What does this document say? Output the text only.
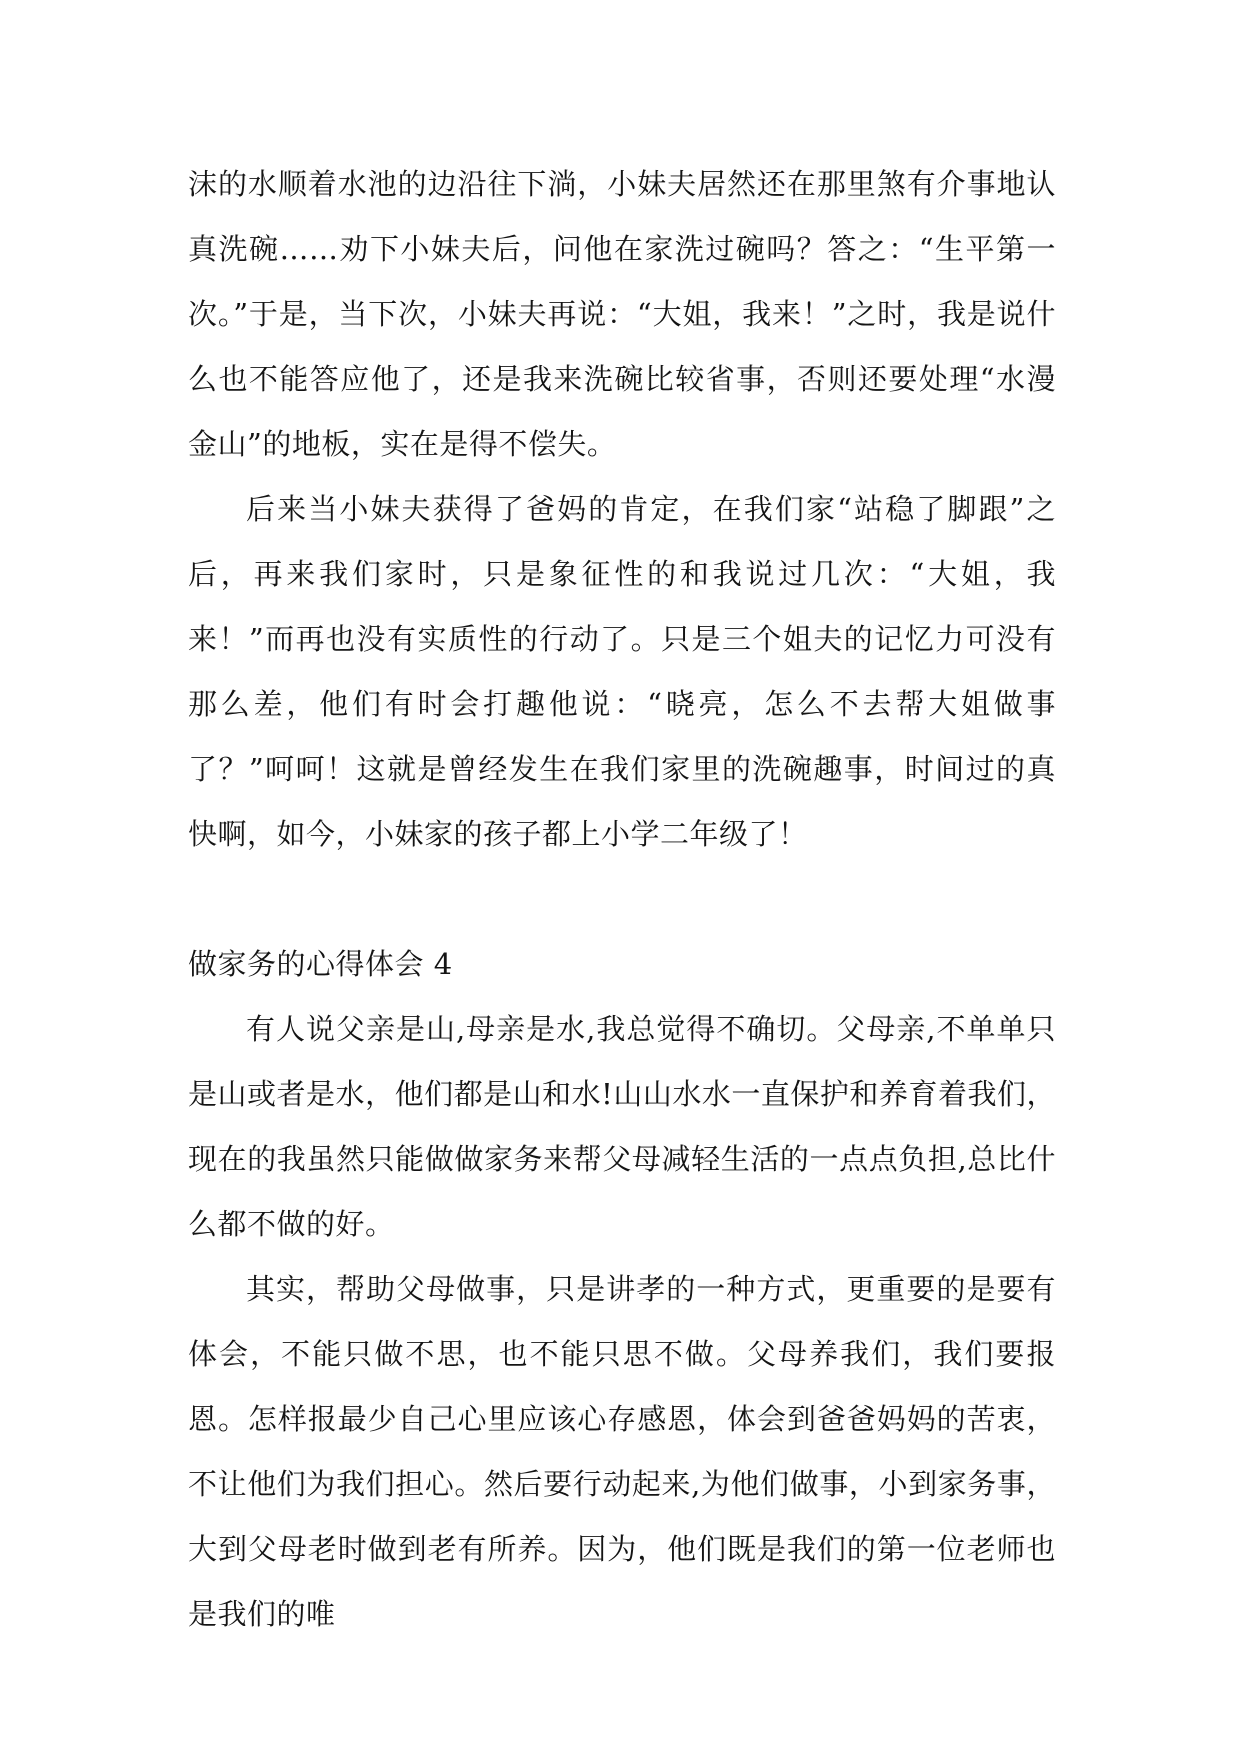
沫的水顺着水池的边沿往下淌，小妹夫居然还在那里煞有介事地认真洗碗……劝下小妹夫后，问他在家洗过碗吗？答之：“生平第一次。”于是，当下次，小妹夫再说：“大姐，我来！”之时，我是说什么也不能答应他了，还是我来洗碗比较省事，否则还要处理“水漫金山”的地板，实在是得不偿失。

后来当小妹夫获得了爸妈的肯定，在我们家“站稳了脚跟”之后，再来我们家时，只是象征性的和我说过几次：“大姐，我来！”而再也没有实质性的行动了。只是三个姐夫的记忆力可没有那么差，他们有时会打趣他说：“晓亮，怎么不去帮大姐做事了？”呵呵！这就是曾经发生在我们家里的洗碗趣事，时间过的真快啊，如今，小妹家的孩子都上小学二年级了！

做家务的心得体会 4

有人说父亲是山,母亲是水,我总觉得不确切。父母亲,不单单只是山或者是水，他们都是山和水!山山水水一直保护和养育着我们，现在的我虽然只能做做家务来帮父母减轻生活的一点点负担,总比什么都不做的好。

其实，帮助父母做事，只是讲孝的一种方式，更重要的是要有体会，不能只做不思，也不能只思不做。父母养我们，我们要报恩。怎样报最少自己心里应该心存感恩，体会到爸爸妈妈的苦衷，不让他们为我们担心。然后要行动起来,为他们做事，小到家务事，大到父母老时做到老有所养。因为，他们既是我们的第一位老师也是我们的唯
